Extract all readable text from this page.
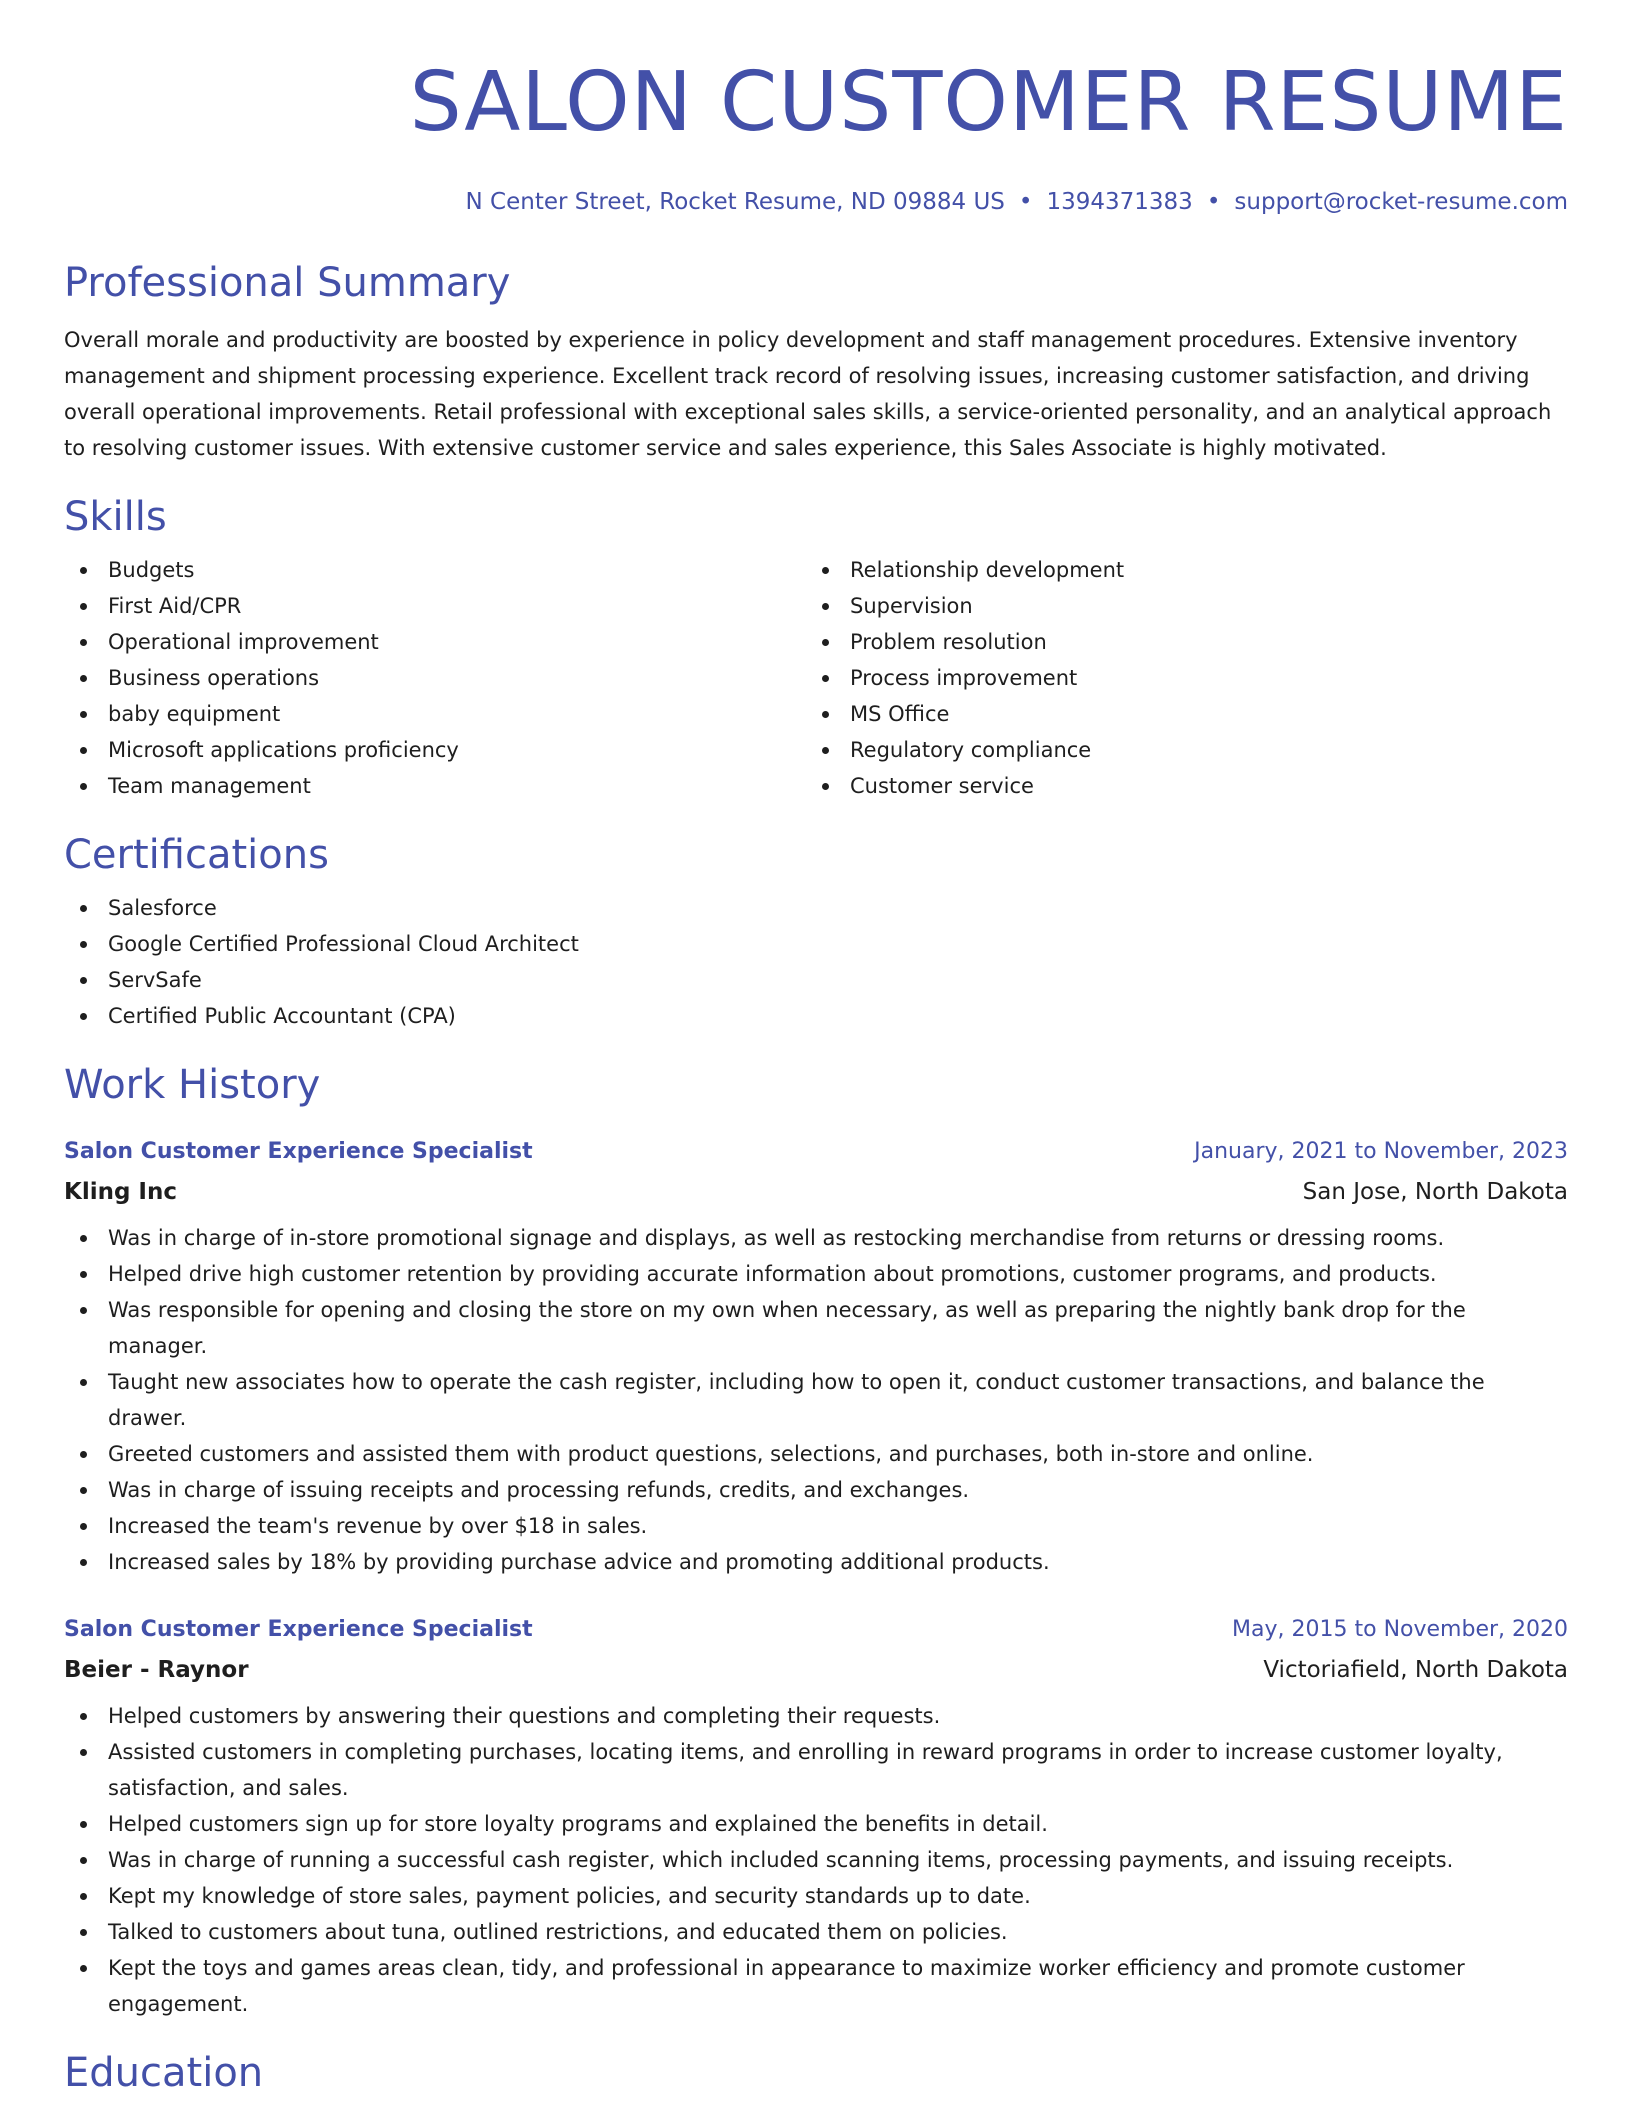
SALON CUSTOMER RESUME
N Center Street, Rocket Resume, ND 09884 US • 1394371383 • support@rocket-resume.com
Professional Summary
Overall morale and productivity are boosted by experience in policy development and staff management procedures. Extensive inventory management and shipment processing experience. Excellent track record of resolving issues, increasing customer satisfaction, and driving overall operational improvements. Retail professional with exceptional sales skills, a service-oriented personality, and an analytical approach to resolving customer issues. With extensive customer service and sales experience, this Sales Associate is highly motivated.
Skills
Budgets
First Aid/CPR
Operational improvement
Business operations
baby equipment
Microsoft applications proficiency
Team management
Relationship development
Supervision
Problem resolution
Process improvement
MS Office
Regulatory compliance
Customer service
Certifications
Salesforce
Google Certified Professional Cloud Architect
ServSafe
Certified Public Accountant (CPA)
Work History
Salon Customer Experience Specialist	January, 2021 to November, 2023
Kling Inc	San Jose, North Dakota
Was in charge of in-store promotional signage and displays, as well as restocking merchandise from returns or dressing rooms.
Helped drive high customer retention by providing accurate information about promotions, customer programs, and products.
Was responsible for opening and closing the store on my own when necessary, as well as preparing the nightly bank drop for the manager.
Taught new associates how to operate the cash register, including how to open it, conduct customer transactions, and balance the drawer.
Greeted customers and assisted them with product questions, selections, and purchases, both in-store and online.
Was in charge of issuing receipts and processing refunds, credits, and exchanges.
Increased the team's revenue by over $18 in sales.
Increased sales by 18% by providing purchase advice and promoting additional products.
Salon Customer Experience Specialist	May, 2015 to November, 2020
Beier - Raynor	Victoriafield, North Dakota
Helped customers by answering their questions and completing their requests.
Assisted customers in completing purchases, locating items, and enrolling in reward programs in order to increase customer loyalty, satisfaction, and sales.
Helped customers sign up for store loyalty programs and explained the benefits in detail.
Was in charge of running a successful cash register, which included scanning items, processing payments, and issuing receipts.
Kept my knowledge of store sales, payment policies, and security standards up to date.
Talked to customers about tuna, outlined restrictions, and educated them on policies.
Kept the toys and games areas clean, tidy, and professional in appearance to maximize worker efficiency and promote customer engagement.
Education
